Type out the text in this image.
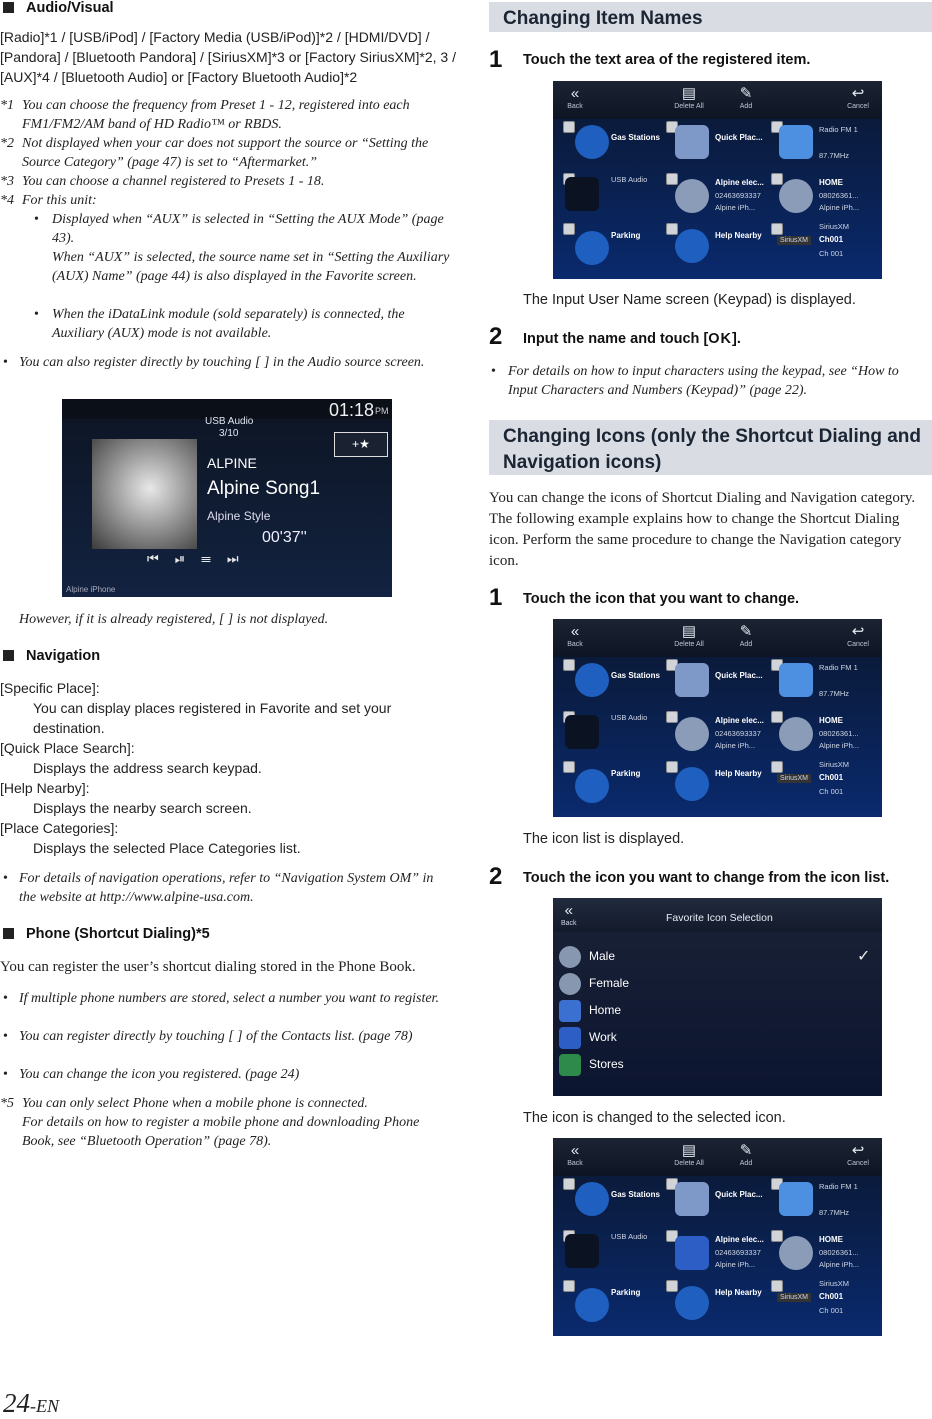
Audio/Visual
[Radio]*1 / [USB/iPod] / [Factory Media (USB/iPod)]*2 / [HDMI/DVD] /
[Pandora] / [Bluetooth Pandora] / [SiriusXM]*3 or [Factory SiriusXM]*2, 3 /
[AUX]*4 / [Bluetooth Audio] or [Factory Bluetooth Audio]*2
*1 You can choose the frequency from Preset 1 - 12, registered into each FM1/FM2/AM band of HD Radio™ or RBDS.
*2 Not displayed when your car does not support the source or “Setting the Source Category” (page 47) is set to “Aftermarket.”
*3 You can choose a channel registered to Presets 1 - 18.
*4 For this unit:
• Displayed when “AUX” is selected in “Setting the AUX Mode” (page 43).
When “AUX” is selected, the source name set in “Setting the Auxiliary (AUX) Name” (page 44) is also displayed in the Favorite screen.
• When the iDataLink module (sold separately) is connected, the Auxiliary (AUX) mode is not available.
• You can also register directly by touching [ ] in the Audio source screen.
USB Audio
3/10
01:18 PM
ALPINE
Alpine Song1
Alpine Style
00'37''
+★
⏮⏯☰⏭
Alpine iPhone
However, if it is already registered, [ ] is not displayed.
Navigation
[Specific Place]:
You can display places registered in Favorite and set your
destination.
[Quick Place Search]:
Displays the address search keypad.
[Help Nearby]:
Displays the nearby search screen.
[Place Categories]:
Displays the selected Place Categories list.
• For details of navigation operations, refer to “Navigation System OM” in the website at http://www.alpine-usa.com.
Phone (Shortcut Dialing)*5
You can register the user’s shortcut dialing stored in the Phone Book.
• If multiple phone numbers are stored, select a number you want to register.
• You can register directly by touching [ ] of the Contacts list. (page 78)
• You can change the icon you registered. (page 24)
*5 You can only select Phone when a mobile phone is connected.
For details on how to register a mobile phone and downloading Phone Book, see “Bluetooth Operation” (page 78).
24-EN
Changing Item Names
1 Touch the text area of the registered item.
«
Back
▤
Delete All
✎
Add
↩
Cancel
Gas Stations
USB Audio
Parking
Quick Plac...
Alpine elec...
02463693337
Alpine iPh...
Help Nearby
Radio FM 1
87.7MHz
HOME
08026361...
Alpine iPh...
SiriusXM
SiriusXM	Ch001
Ch 001
The Input User Name screen (Keypad) is displayed.
2 Input the name and touch [OK].
• For details on how to input characters using the keypad, see “How to Input Characters and Numbers (Keypad)” (page 22).
Changing Icons (only the Shortcut Dialing and
Navigation icons)
You can change the icons of Shortcut Dialing and Navigation category. The following example explains how to change the Shortcut Dialing icon. Perform the same procedure to change the Navigation category icon.
1 Touch the icon that you want to change.
«
Back
▤
Delete All
✎
Add
↩
Cancel
Gas Stations
USB Audio
Parking
Quick Plac...
Alpine elec...
02463693337
Alpine iPh...
Help Nearby
Radio FM 1
87.7MHz
HOME
08026361...
Alpine iPh...
SiriusXM
SiriusXM	Ch001
Ch 001
The icon list is displayed.
2 Touch the icon you want to change from the icon list.
«
Back	Favorite Icon Selection
Male	✓
Female
Home
Work
Stores
The icon is changed to the selected icon.
«
Back
▤
Delete All
✎
Add
↩
Cancel
Gas Stations
USB Audio
Parking
Quick Plac...
Alpine elec...
02463693337
Alpine iPh...
Help Nearby
Radio FM 1
87.7MHz
HOME
08026361...
Alpine iPh...
SiriusXM
SiriusXM	Ch001
Ch 001
